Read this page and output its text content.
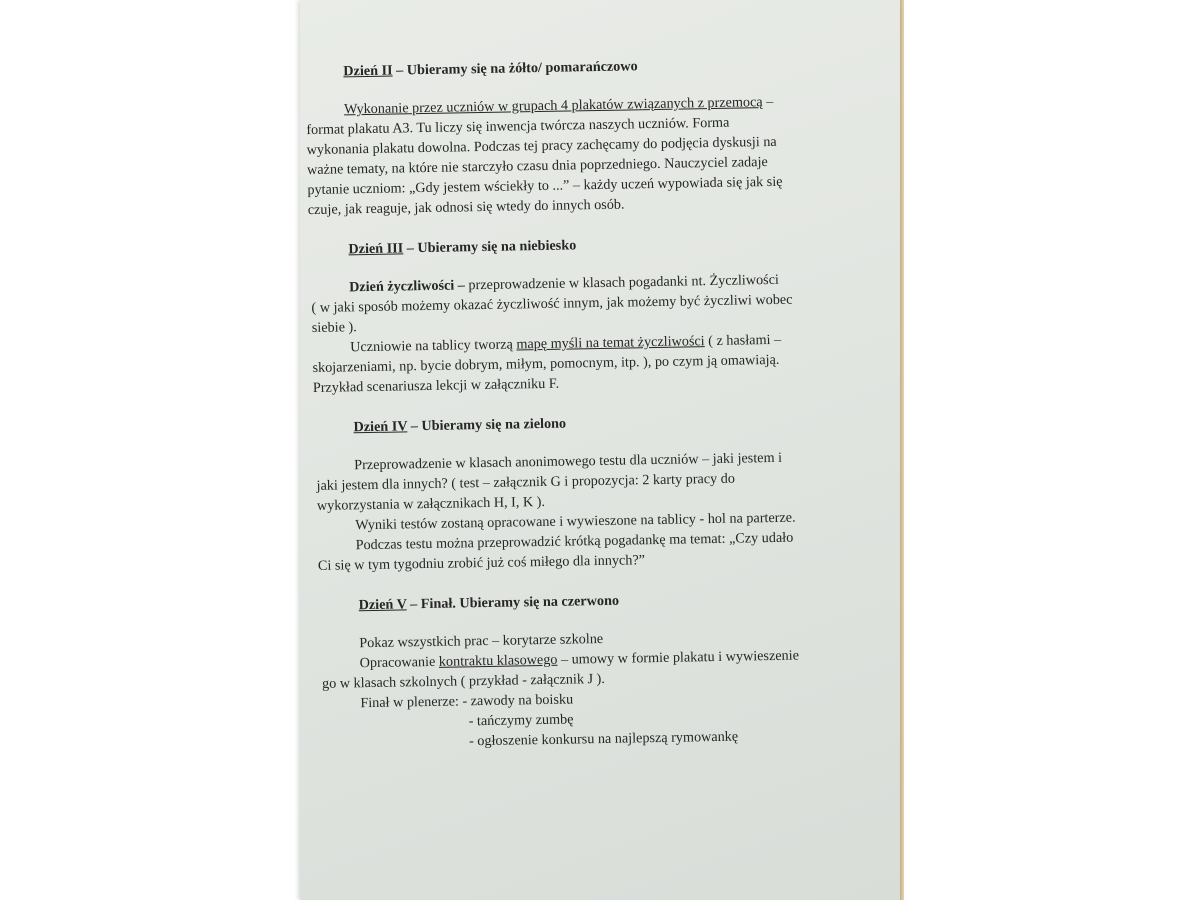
Dzień II – Ubieramy się na żółto/ pomarańczowo

Wykonanie przez uczniów w grupach 4 plakatów związanych z przemocą –

format plakatu A3. Tu liczy się inwencja twórcza naszych uczniów. Forma

wykonania plakatu dowolna. Podczas tej pracy zachęcamy do podjęcia dyskusji na

ważne tematy, na które nie starczyło czasu dnia poprzedniego. Nauczyciel zadaje

pytanie uczniom: „Gdy jestem wściekły to ...” – każdy uczeń wypowiada się jak się

czuje, jak reaguje, jak odnosi się wtedy do innych osób.

Dzień III – Ubieramy się na niebiesko

Dzień życzliwości – przeprowadzenie w klasach pogadanki nt. Życzliwości

( w jaki sposób możemy okazać życzliwość innym, jak możemy być życzliwi wobec

siebie ).

Uczniowie na tablicy tworzą mapę myśli na temat życzliwości ( z hasłami –

skojarzeniami, np. bycie dobrym, miłym, pomocnym, itp. ), po czym ją omawiają.

Przykład scenariusza lekcji w załączniku F.

Dzień IV – Ubieramy się na zielono

Przeprowadzenie w klasach anonimowego testu dla uczniów – jaki jestem i

jaki jestem dla innych? ( test – załącznik G i propozycja: 2 karty pracy do

wykorzystania w załącznikach H, I, K ).

Wyniki testów zostaną opracowane i wywieszone na tablicy - hol na parterze.

Podczas testu można przeprowadzić krótką pogadankę ma temat: „Czy udało

Ci się w tym tygodniu zrobić już coś miłego dla innych?”

Dzień V – Finał. Ubieramy się na czerwono

Pokaz wszystkich prac – korytarze szkolne

Opracowanie kontraktu klasowego – umowy w formie plakatu i wywieszenie

go w klasach szkolnych ( przykład - załącznik J ).

Finał w plenerze: - zawody na boisku

- tańczymy zumbę

- ogłoszenie konkursu na najlepszą rymowankę
